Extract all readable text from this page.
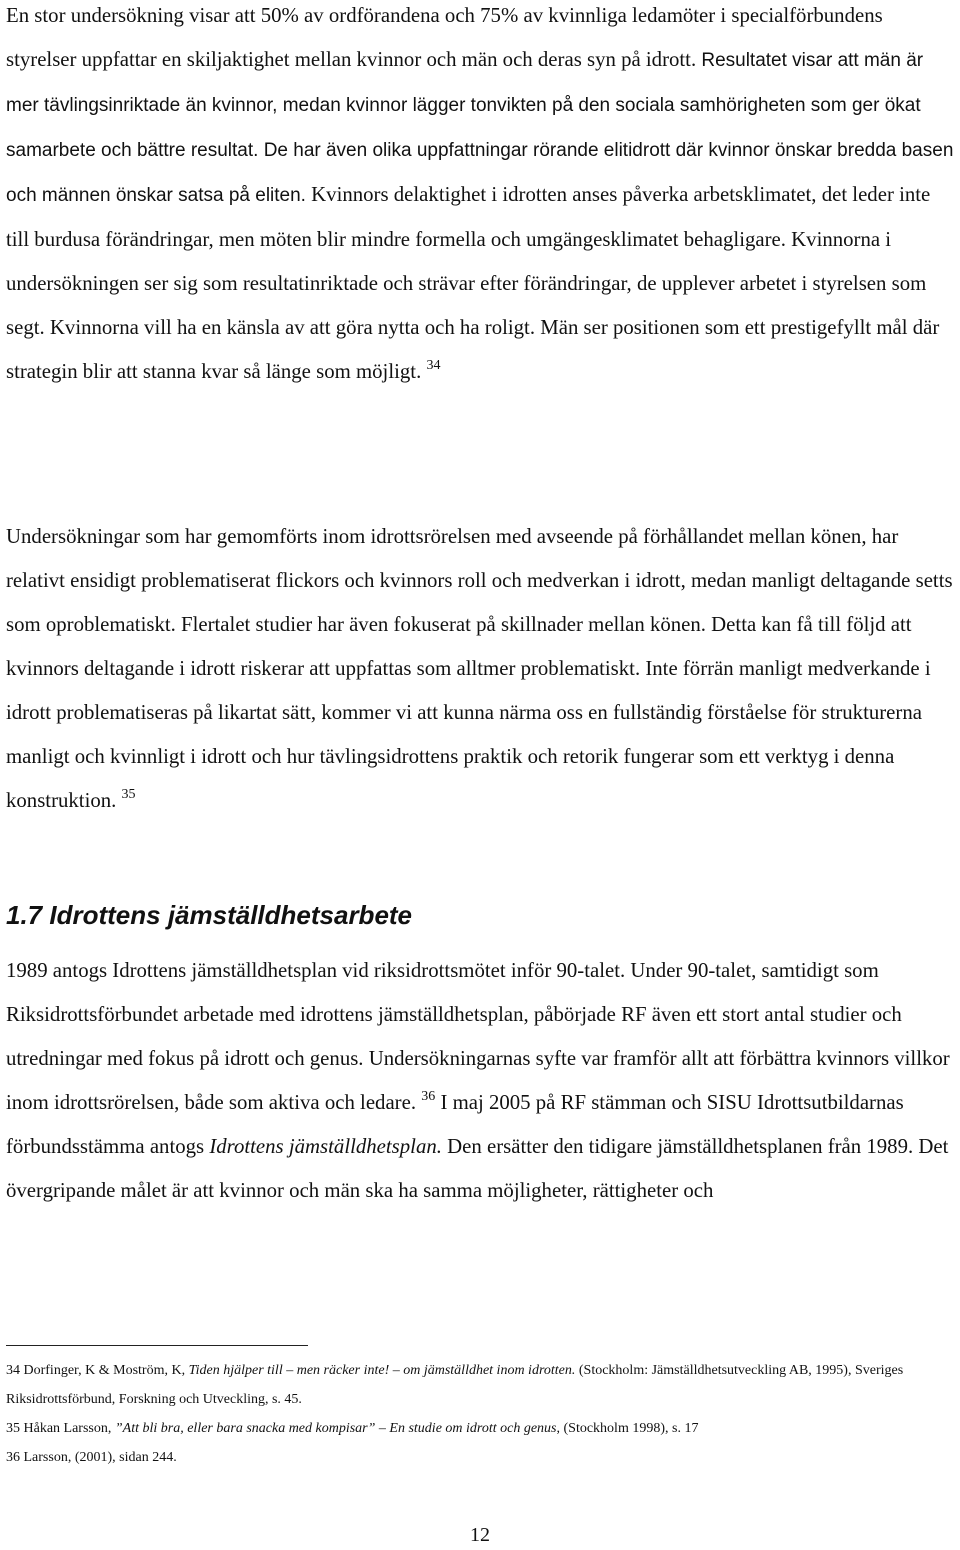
En stor undersökning visar att 50% av ordförandena och 75% av kvinnliga ledamöter i specialförbundens styrelser uppfattar en skiljaktighet mellan kvinnor och män och deras syn på idrott. Resultatet visar att män är mer tävlingsinriktade än kvinnor, medan kvinnor lägger tonvikten på den sociala samhörigheten som ger ökat samarbete och bättre resultat. De har även olika uppfattningar rörande elitidrott där kvinnor önskar bredda basen och männen önskar satsa på eliten. Kvinnors delaktighet i idrotten anses påverka arbetsklimatet, det leder inte till burdusa förändringar, men möten blir mindre formella och umgängesklimatet behagligare. Kvinnorna i undersökningen ser sig som resultatinriktade och strävar efter förändringar, de upplever arbetet i styrelsen som segt. Kvinnorna vill ha en känsla av att göra nytta och ha roligt. Män ser positionen som ett prestigefyllt mål där strategin blir att stanna kvar så länge som möjligt. $^{34}$

Undersökningar som har gemomförts inom idrottsrörelsen med avseende på förhållandet mellan könen, har relativt ensidigt problematiserat flickors och kvinnors roll och medverkan i idrott, medan manligt deltagande setts som oproblematiskt. Flertalet studier har även fokuserat på skillnader mellan könen. Detta kan få till följd att kvinnors deltagande i idrott riskerar att uppfattas som alltmer problematiskt. Inte förrän manligt medverkande i idrott problematiseras på likartat sätt, kommer vi att kunna närma oss en fullständig förståelse för strukturerna manligt och kvinnligt i idrott och hur tävlingsidrottens praktik och retorik fungerar som ett verktyg i denna konstruktion. $^{35}$

1.7 Idrottens jämställdhetsarbete

1989 antogs Idrottens jämställdhetsplan vid riksidrottsmötet inför 90-talet. Under 90-talet, samtidigt som Riksidrottsförbundet arbetade med idrottens jämställdhetsplan, påbörjade RF även ett stort antal studier och utredningar med fokus på idrott och genus. Undersökningarnas syfte var framför allt att förbättra kvinnors villkor inom idrottsrörelsen, både som aktiva och ledare. $^{36}$ I maj 2005 på RF stämman och SISU Idrottsutbildarnas förbundsstämma antogs Idrottens jämställdhetsplan. Den ersätter den tidigare jämställdhetsplanen från 1989. Det övergripande målet är att kvinnor och män ska ha samma möjligheter, rättigheter och

34 Dorfinger, K & Moström, K, Tiden hjälper till – men räcker inte! – om jämställdhet inom idrotten. (Stockholm: Jämställdhetsutveckling AB, 1995), Sveriges Riksidrottsförbund, Forskning och Utveckling, s. 45.

35 Håkan Larsson, ”Att bli bra, eller bara snacka med kompisar” – En studie om idrott och genus, (Stockholm 1998), s. 17

36 Larsson, (2001), sidan 244.

12
